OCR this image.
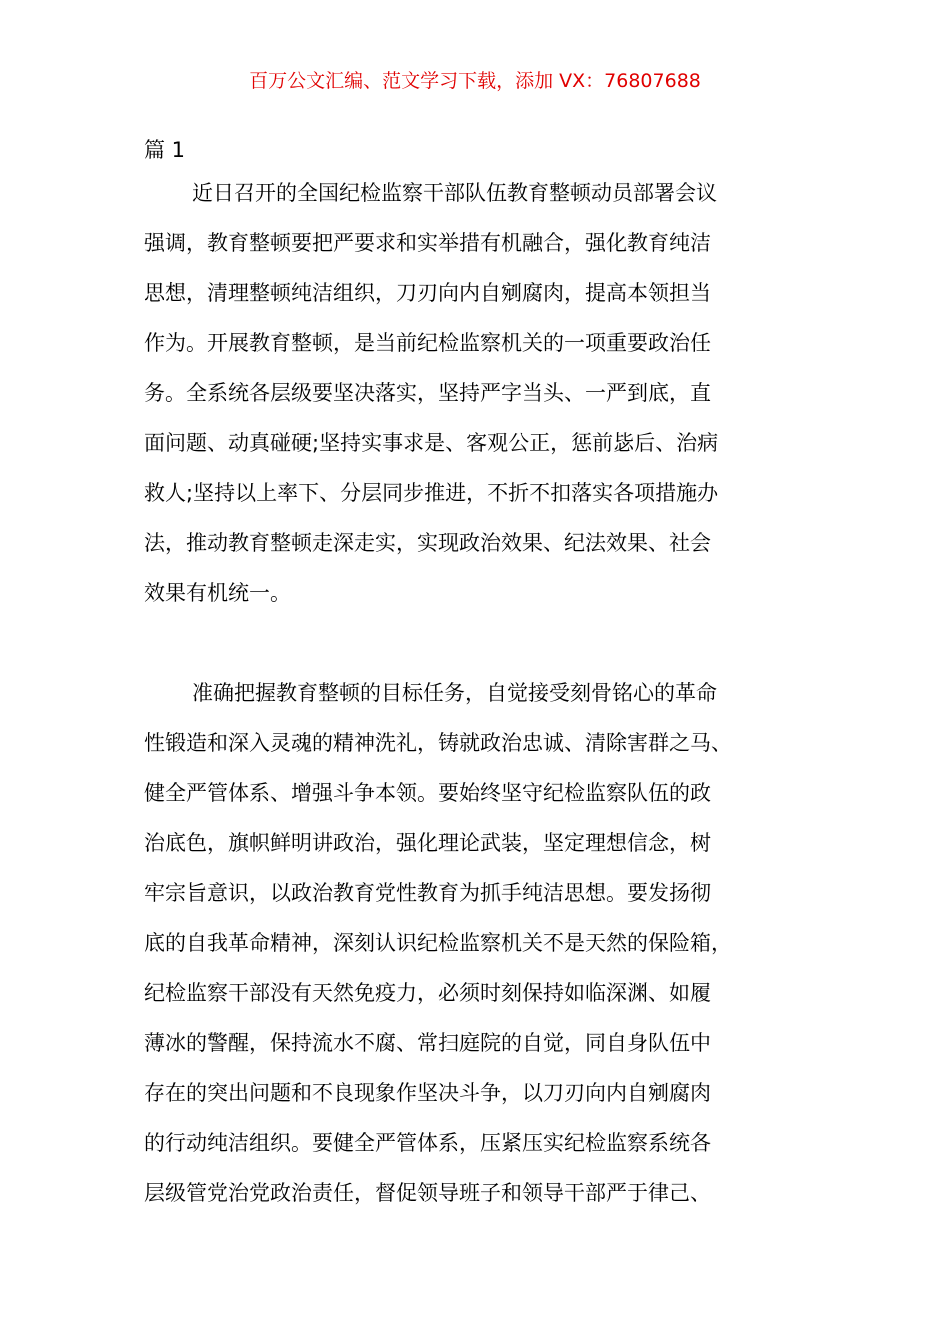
百万公文汇编、范文学习下载，添加 VX：76807688
篇 1
近日召开的全国纪检监察干部队伍教育整顿动员部署会议
强调，教育整顿要把严要求和实举措有机融合，强化教育纯洁
思想，清理整顿纯洁组织，刀刃向内自剜腐肉，提高本领担当
作为。开展教育整顿，是当前纪检监察机关的一项重要政治任
务。全系统各层级要坚决落实，坚持严字当头、一严到底，直
面问题、动真碰硬;坚持实事求是、客观公正，惩前毖后、治病
救人;坚持以上率下、分层同步推进，不折不扣落实各项措施办
法，推动教育整顿走深走实，实现政治效果、纪法效果、社会
效果有机统一。
准确把握教育整顿的目标任务，自觉接受刻骨铭心的革命
性锻造和深入灵魂的精神洗礼，铸就政治忠诚、清除害群之马、
健全严管体系、增强斗争本领。要始终坚守纪检监察队伍的政
治底色，旗帜鲜明讲政治，强化理论武装，坚定理想信念，树
牢宗旨意识，以政治教育党性教育为抓手纯洁思想。要发扬彻
底的自我革命精神，深刻认识纪检监察机关不是天然的保险箱，
纪检监察干部没有天然免疫力，必须时刻保持如临深渊、如履
薄冰的警醒，保持流水不腐、常扫庭院的自觉，同自身队伍中
存在的突出问题和不良现象作坚决斗争，以刀刃向内自剜腐肉
的行动纯洁组织。要健全严管体系，压紧压实纪检监察系统各
层级管党治党政治责任，督促领导班子和领导干部严于律己、
